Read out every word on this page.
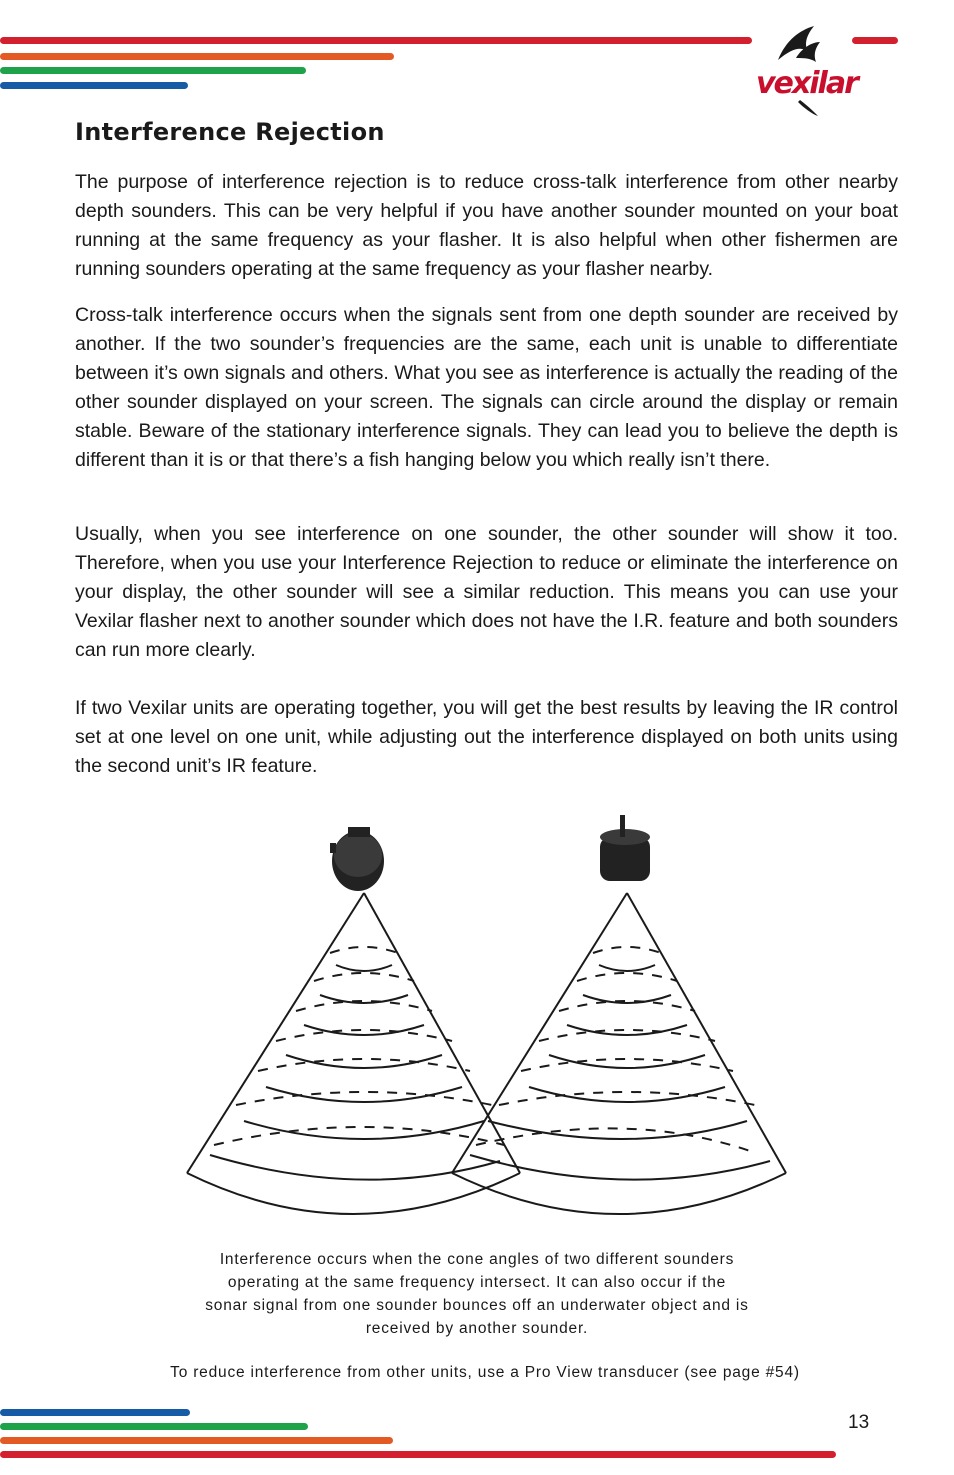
vexilar
Interference Rejection

The purpose of interference rejection is to reduce cross-talk interference from other nearby depth sounders. This can be very helpful if you have another sounder mounted on your boat running at the same frequency as your flasher. It is also helpful when other fishermen are running sounders operating at the same frequency as your flasher nearby.

Cross-talk interference occurs when the signals sent from one depth sounder are received by another. If the two sounder’s frequencies are the same, each unit is unable to differentiate between it’s own signals and others. What you see as interference is actually the reading of the other sounder displayed on your screen. The signals can circle around the display or remain stable. Beware of the stationary interference signals. They can lead you to believe the depth is different than it is or that there’s a fish hanging below you which really isn’t there.

Usually, when you see interference on one sounder, the other sounder will show it too. Therefore, when you use your Interference Rejection to reduce or eliminate the interference on your display, the other sounder will see a similar reduction. This means you can use your Vexilar flasher next to another sounder which does not have the I.R. feature and both sounders can run more clearly.

If two Vexilar units are operating together, you will get the best results by leaving the IR control set at one level on one unit, while adjusting out the interference displayed on both units using the second unit’s IR feature.

Interference occurs when the cone angles of two different sounders
operating at the same frequency intersect. It can also occur if the
sonar signal from one sounder bounces off an underwater object and is
received by another sounder.
To reduce interference from other units, use a Pro View transducer (see page #54)
13
